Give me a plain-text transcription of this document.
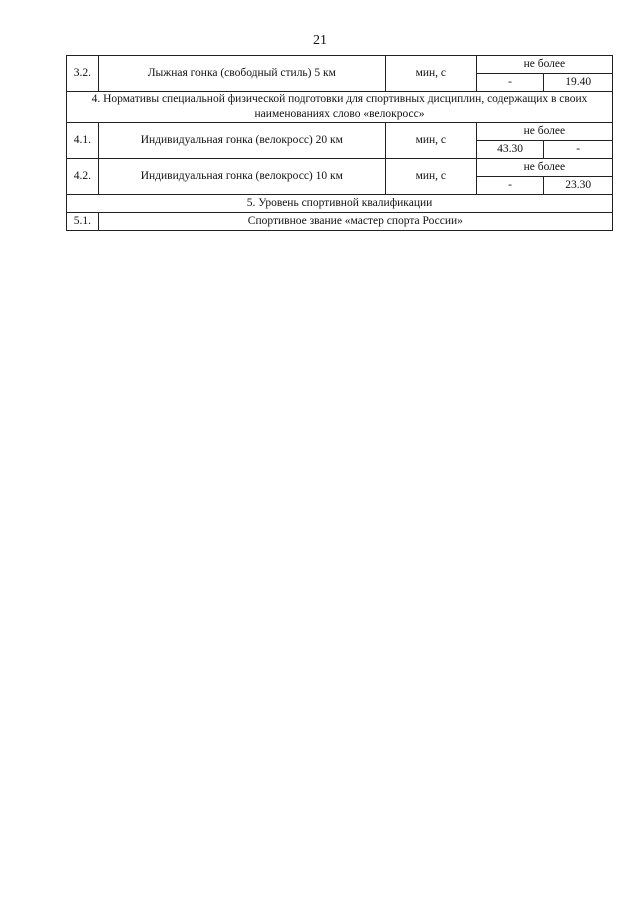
21
3.2.	Лыжная гонка (свободный стиль) 5 км	мин, с	не более	
			-	19.40
4. Нормативы специальной физической подготовки для спортивных дисциплин, содержащих в своих наименованиях слово «велокросс»				
4.1.	Индивидуальная гонка (велокросс) 20 км	мин, с	не более	
			43.30	-
4.2.	Индивидуальная гонка (велокросс) 10 км	мин, с	не более	
			-	23.30
5. Уровень спортивной квалификации				
5.1.	Спортивное звание «мастер спорта России»			
